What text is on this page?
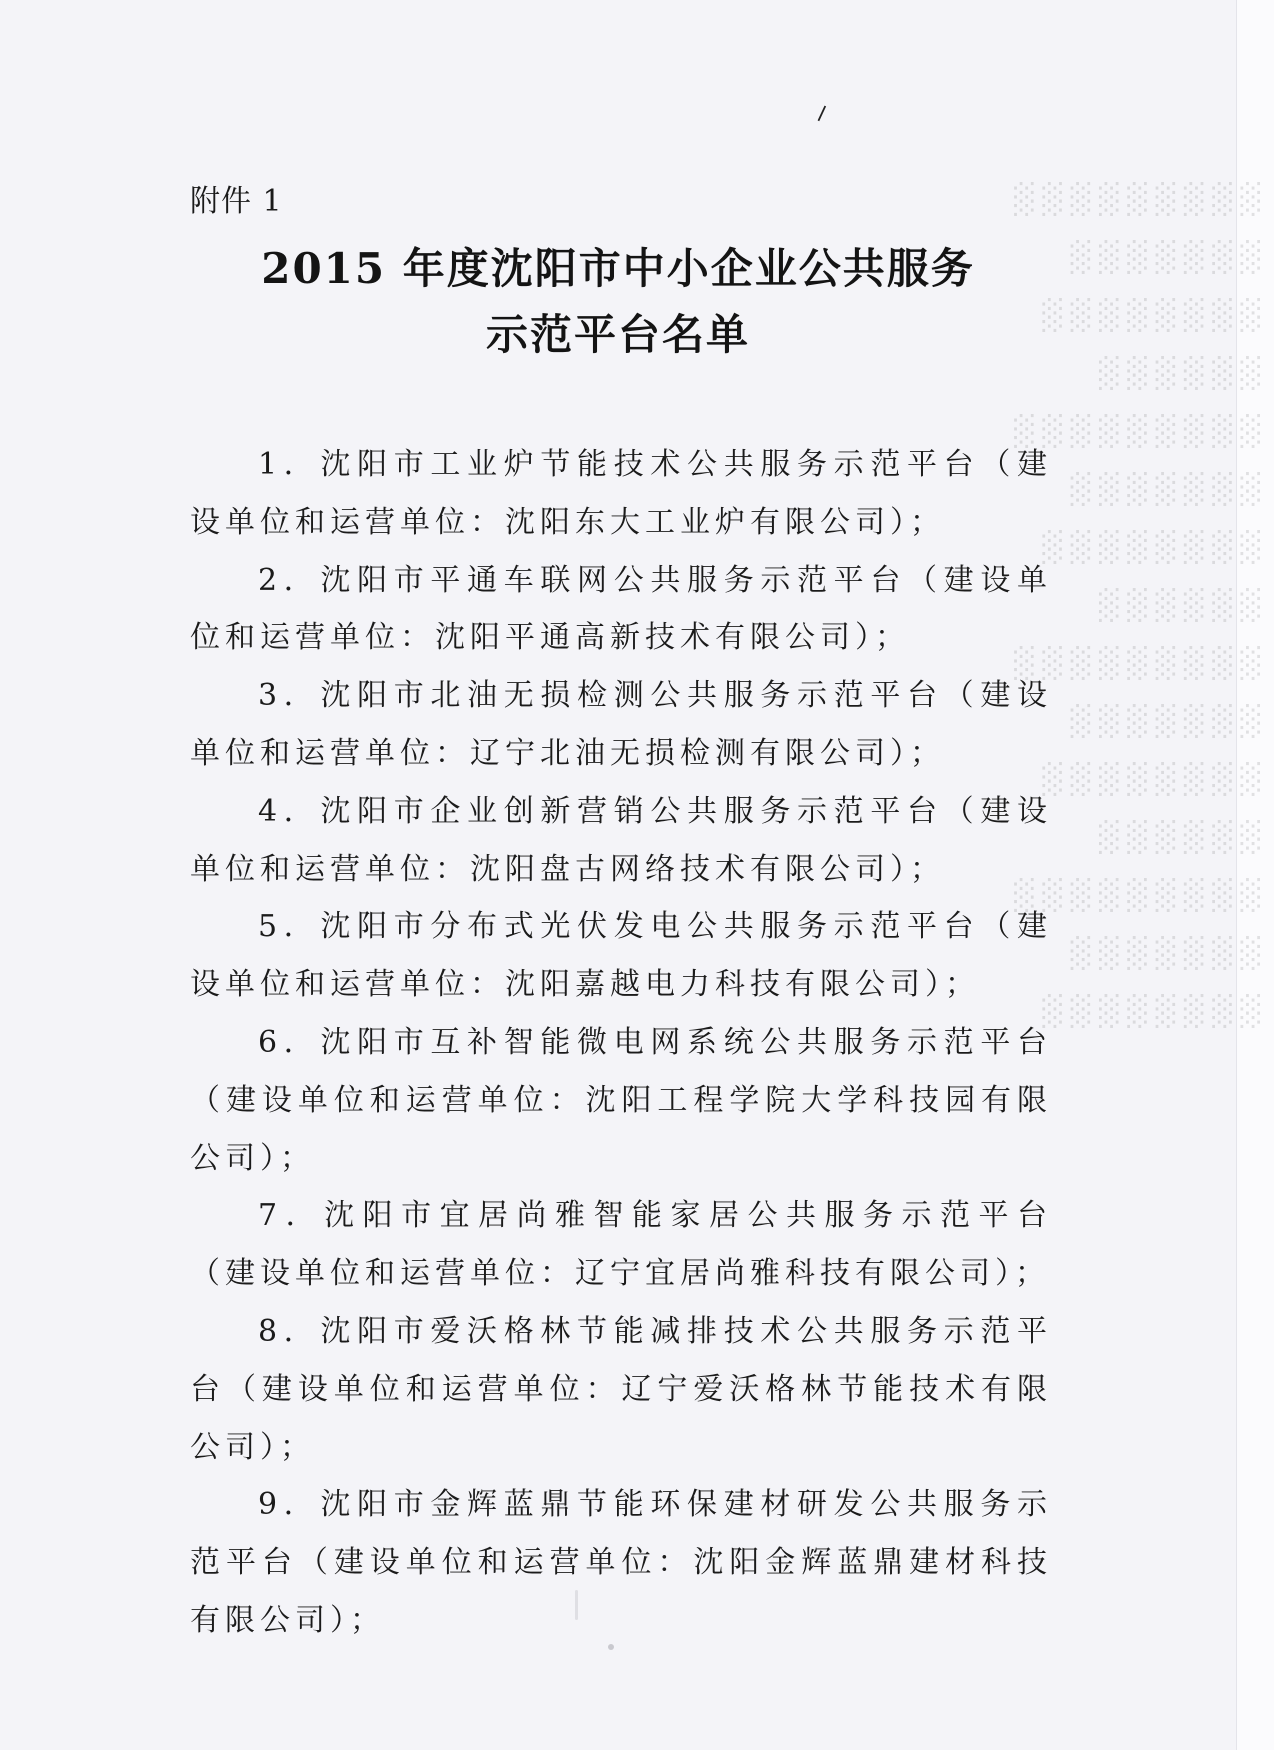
⸍
附件 1
2015 年度沈阳市中小企业公共服务
示范平台名单

1．沈阳市工业炉节能技术公共服务示范平台（建设单位和运营单位：沈阳东大工业炉有限公司）；

2．沈阳市平通车联网公共服务示范平台（建设单位和运营单位：沈阳平通高新技术有限公司）；

3．沈阳市北油无损检测公共服务示范平台（建设单位和运营单位：辽宁北油无损检测有限公司）；

4．沈阳市企业创新营销公共服务示范平台（建设单位和运营单位：沈阳盘古网络技术有限公司）；

5．沈阳市分布式光伏发电公共服务示范平台（建设单位和运营单位：沈阳嘉越电力科技有限公司）；

6．沈阳市互补智能微电网系统公共服务示范平台（建设单位和运营单位：沈阳工程学院大学科技园有限公司）；

7．沈阳市宜居尚雅智能家居公共服务示范平台（建设单位和运营单位：辽宁宜居尚雅科技有限公司）；

8．沈阳市爱沃格林节能减排技术公共服务示范平台（建设单位和运营单位：辽宁爱沃格林节能技术有限公司）；

9．沈阳市金辉蓝鼎节能环保建材研发公共服务示范平台（建设单位和运营单位：沈阳金辉蓝鼎建材科技有限公司）；
